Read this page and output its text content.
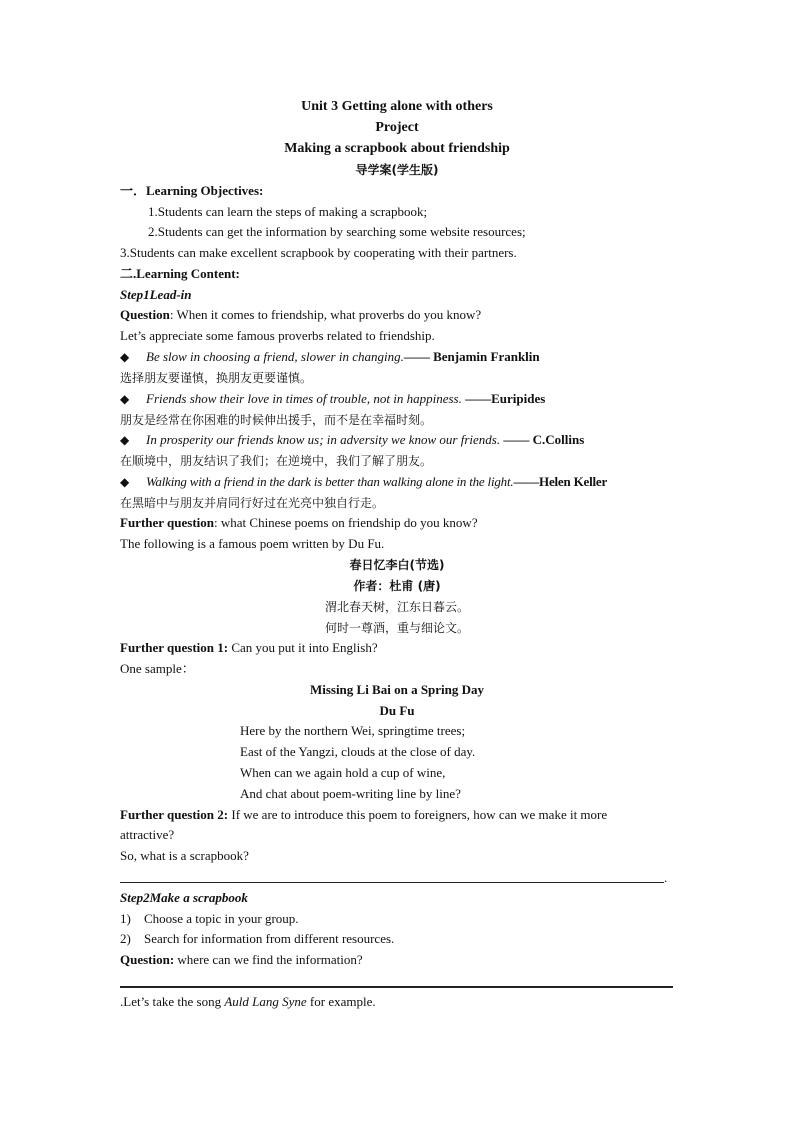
Unit 3 Getting alone with others
Project
Making a scrapbook about friendship
导学案(学生版)
一．Learning Objectives:
1.Students can learn the steps of making a scrapbook;
2.Students can get the information by searching some website resources;
3.Students can make excellent scrapbook by cooperating with their partners.
二.Learning Content:
Step1Lead-in
Question: When it comes to friendship, what proverbs do you know?
Let’s appreciate some famous proverbs related to friendship.
◆ Be slow in choosing a friend, slower in changing.—— Benjamin Franklin
选择朋友要谨慎，换朋友更要谨慎。
◆ Friends show their love in times of trouble, not in happiness. ——Euripides
朋友是经常在你困难的时候伸出援手，而不是在幸福时刻。
◆ In prosperity our friends know us; in adversity we know our friends. —— C.Collins
在顺境中，朋友结识了我们；在逆境中，我们了解了朋友。
◆ Walking with a friend in the dark is better than walking alone in the light.——Helen Keller
在黑暗中与朋友并肩同行好过在光亮中独自行走。
Further question: what Chinese poems on friendship do you know?
The following is a famous poem written by Du Fu.
春日忆李白(节选)
作者：杜甫 (唐)
渭北春天树，江东日暮云。
何时一尊酒，重与细论文。
Further question 1: Can you put it into English?
One sample：
Missing Li Bai on a Spring Day
Du Fu
Here by the northern Wei, springtime trees;
East of the Yangzi, clouds at the close of day.
When can we again hold a cup of wine,
And chat about poem-writing line by line?
Further question 2: If we are to introduce this poem to foreigners, how can we make it more
attractive?
So, what is a scrapbook?
.
Step2Make a scrapbook
1) Choose a topic in your group.
2) Search for information from different resources.
Question: where can we find the information?
.Let’s take the song Auld Lang Syne for example.
